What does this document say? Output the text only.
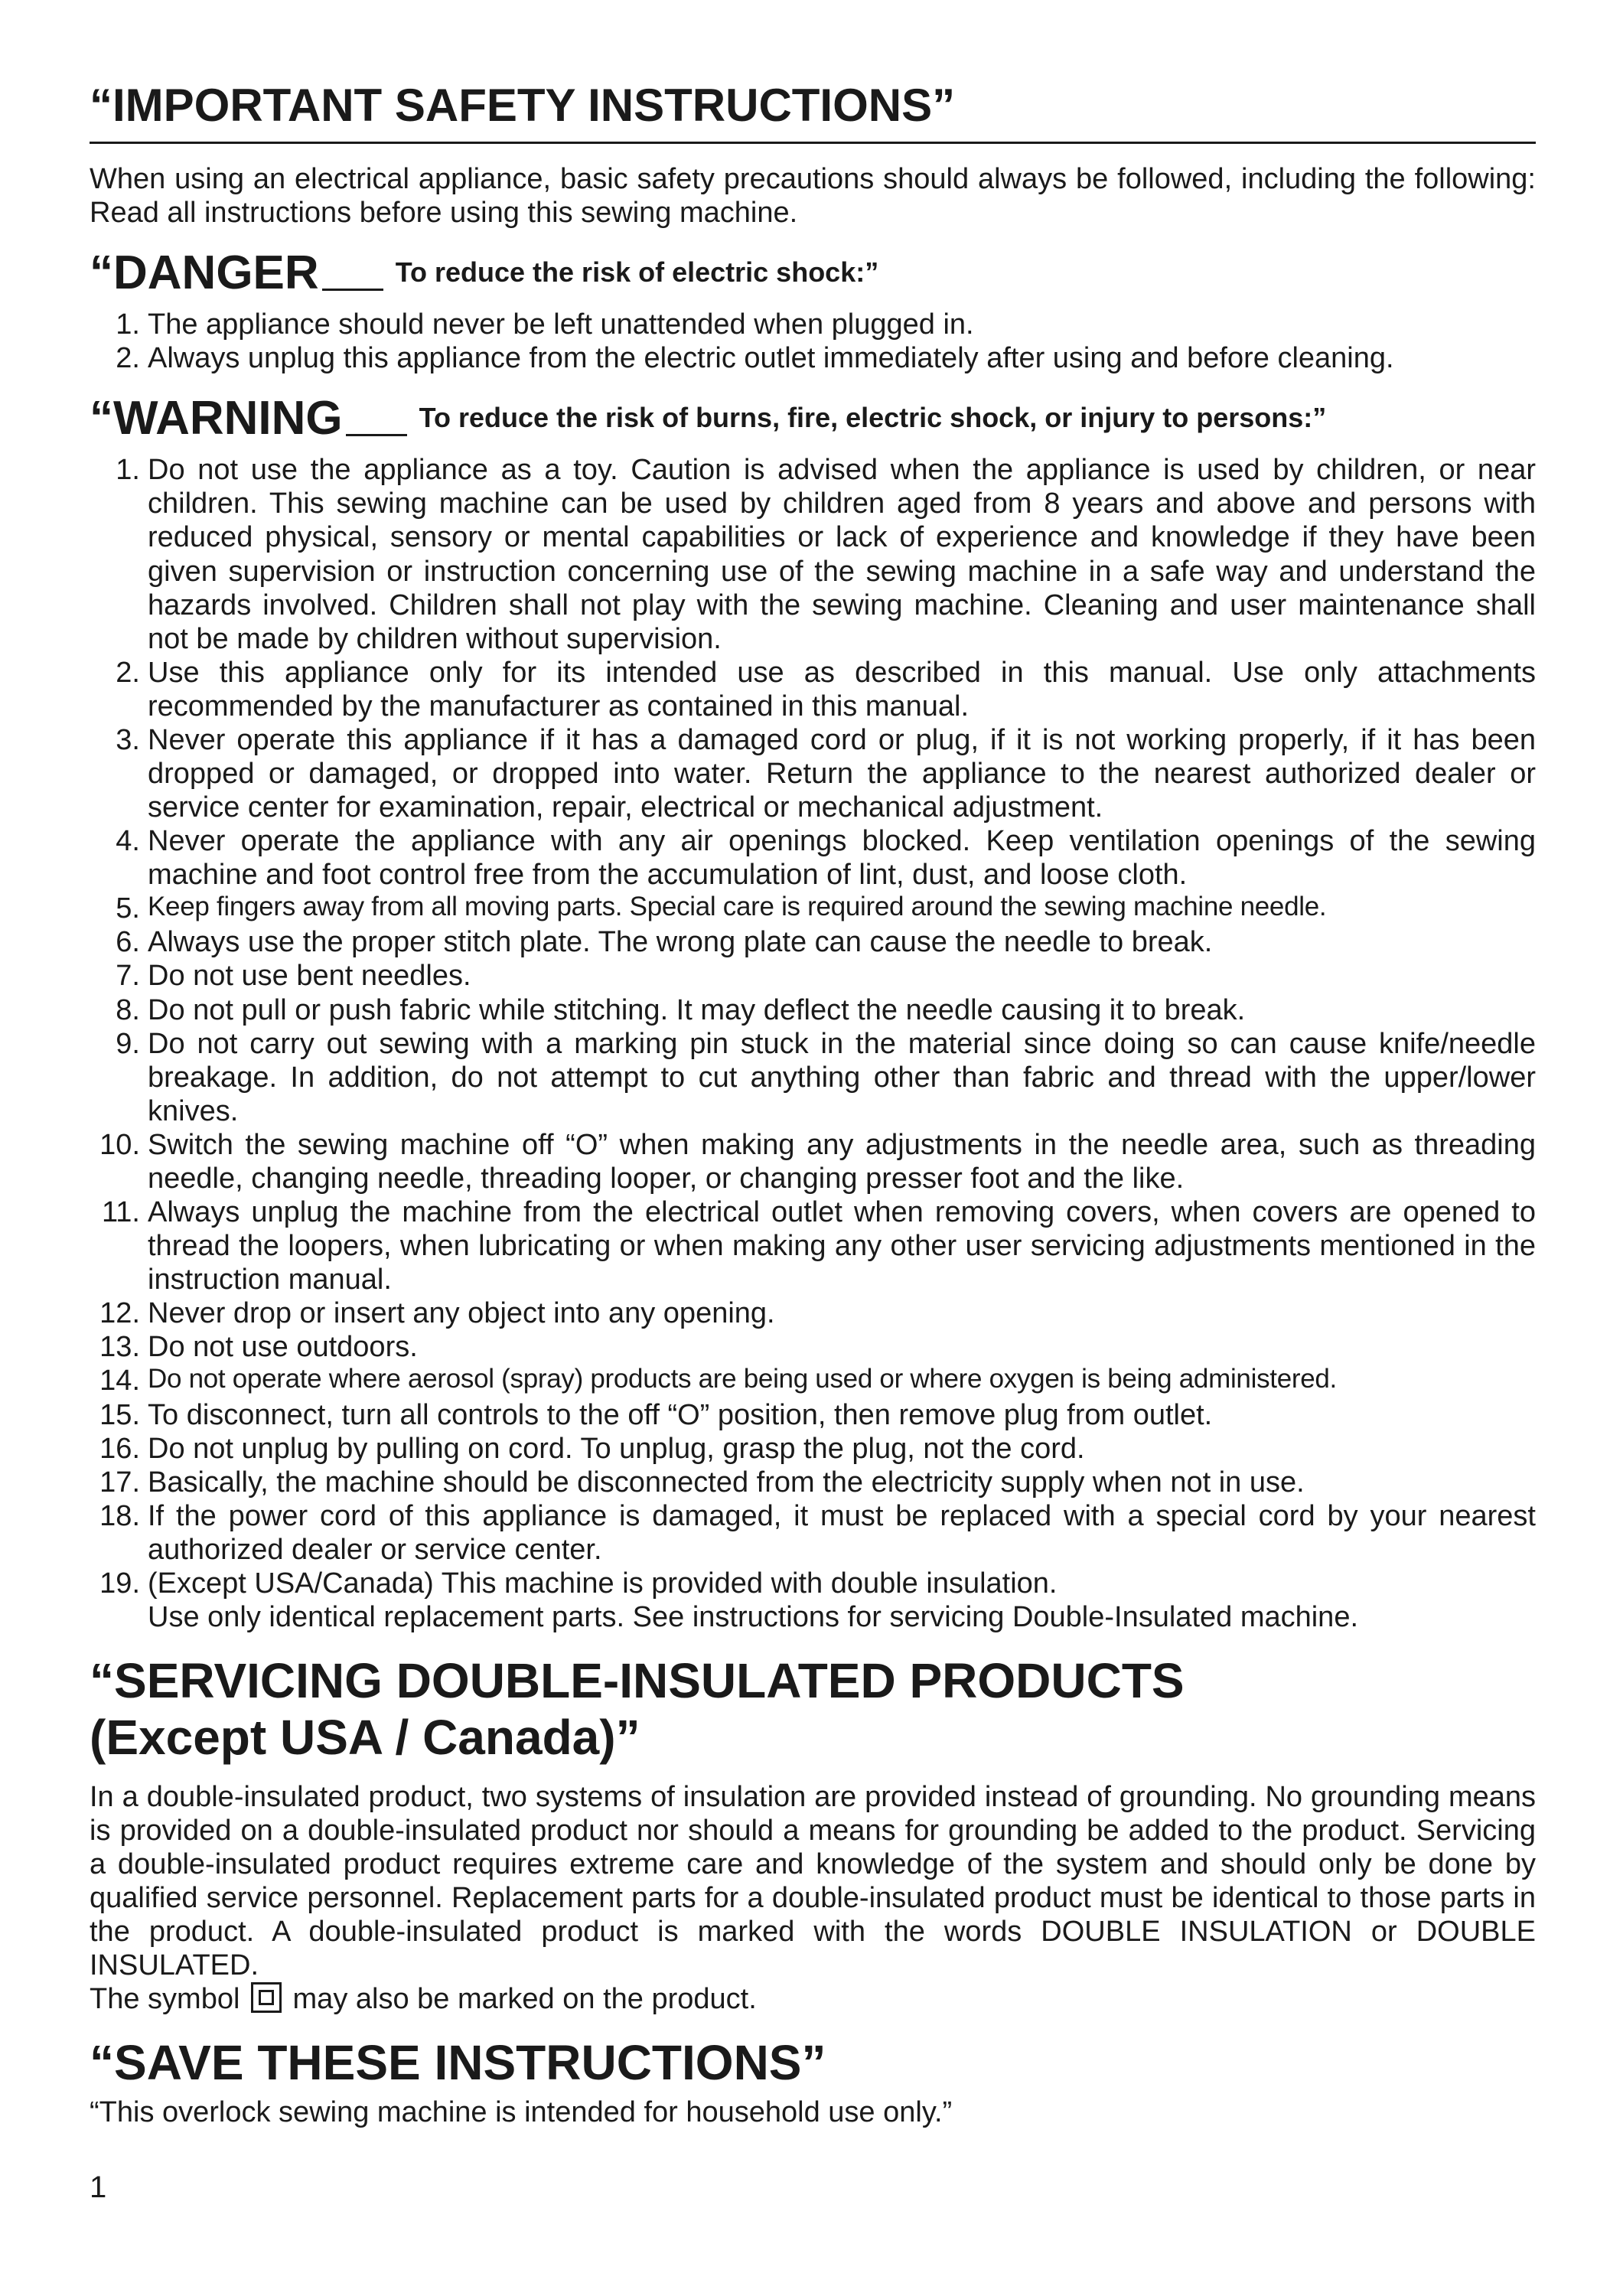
“IMPORTANT SAFETY INSTRUCTIONS”

When using an electrical appliance, basic safety precautions should always be followed, including the following: Read all instructions before using this sewing machine.

“DANGER	To reduce the risk of electric shock:”
1. The appliance should never be left unattended when plugged in.
2. Always unplug this appliance from the electric outlet immediately after using and before cleaning.
“WARNING	To reduce the risk of burns, fire, electric shock, or injury to persons:”
1. Do not use the appliance as a toy. Caution is advised when the appliance is used by children, or near children. This sewing machine can be used by children aged from 8 years and above and persons with reduced physical, sensory or mental capabilities or lack of experience and knowledge if they have been given supervision or instruction concerning use of the sewing machine in a safe way and understand the hazards involved. Children shall not play with the sewing machine. Cleaning and user maintenance shall not be made by children without supervision.
2. Use this appliance only for its intended use as described in this manual. Use only attachments recommended by the manufacturer as contained in this manual.
3. Never operate this appliance if it has a damaged cord or plug, if it is not working properly, if it has been dropped or damaged, or dropped into water. Return the appliance to the nearest authorized dealer or service center for examination, repair, electrical or mechanical adjustment.
4. Never operate the appliance with any air openings blocked. Keep ventilation openings of the sewing machine and foot control free from the accumulation of lint, dust, and loose cloth.
5. Keep fingers away from all moving parts. Special care is required around the sewing machine needle.
6. Always use the proper stitch plate. The wrong plate can cause the needle to break.
7. Do not use bent needles.
8. Do not pull or push fabric while stitching. It may deflect the needle causing it to break.
9. Do not carry out sewing with a marking pin stuck in the material since doing so can cause knife/needle breakage. In addition, do not attempt to cut anything other than fabric and thread with the upper/lower knives.
10. Switch the sewing machine off “O” when making any adjustments in the needle area, such as threading needle, changing needle, threading looper, or changing presser foot and the like.
11. Always unplug the machine from the electrical outlet when removing covers, when covers are opened to thread the loopers, when lubricating or when making any other user servicing adjustments mentioned in the instruction manual.
12. Never drop or insert any object into any opening.
13. Do not use outdoors.
14. Do not operate where aerosol (spray) products are being used or where oxygen is being administered.
15. To disconnect, turn all controls to the off “O” position, then remove plug from outlet.
16. Do not unplug by pulling on cord. To unplug, grasp the plug, not the cord.
17. Basically, the machine should be disconnected from the electricity supply when not in use.
18. If the power cord of this appliance is damaged, it must be replaced with a special cord by your nearest authorized dealer or service center.
19. (Except USA/Canada) This machine is provided with double insulation.
Use only identical replacement parts. See instructions for servicing Double-Insulated machine.
“SERVICING DOUBLE-INSULATED PRODUCTS
(Except USA / Canada)”

In a double-insulated product, two systems of insulation are provided instead of grounding. No grounding means is provided on a double-insulated product nor should a means for grounding be added to the product. Servicing a double-insulated product requires extreme care and knowledge of the system and should only be done by qualified service personnel. Replacement parts for a double-insulated product must be identical to those parts in the product. A double-insulated product is marked with the words DOUBLE INSULATION or DOUBLE INSULATED.

The symbol may also be marked on the product.

“SAVE THESE INSTRUCTIONS”

“This overlock sewing machine is intended for household use only.”

1
